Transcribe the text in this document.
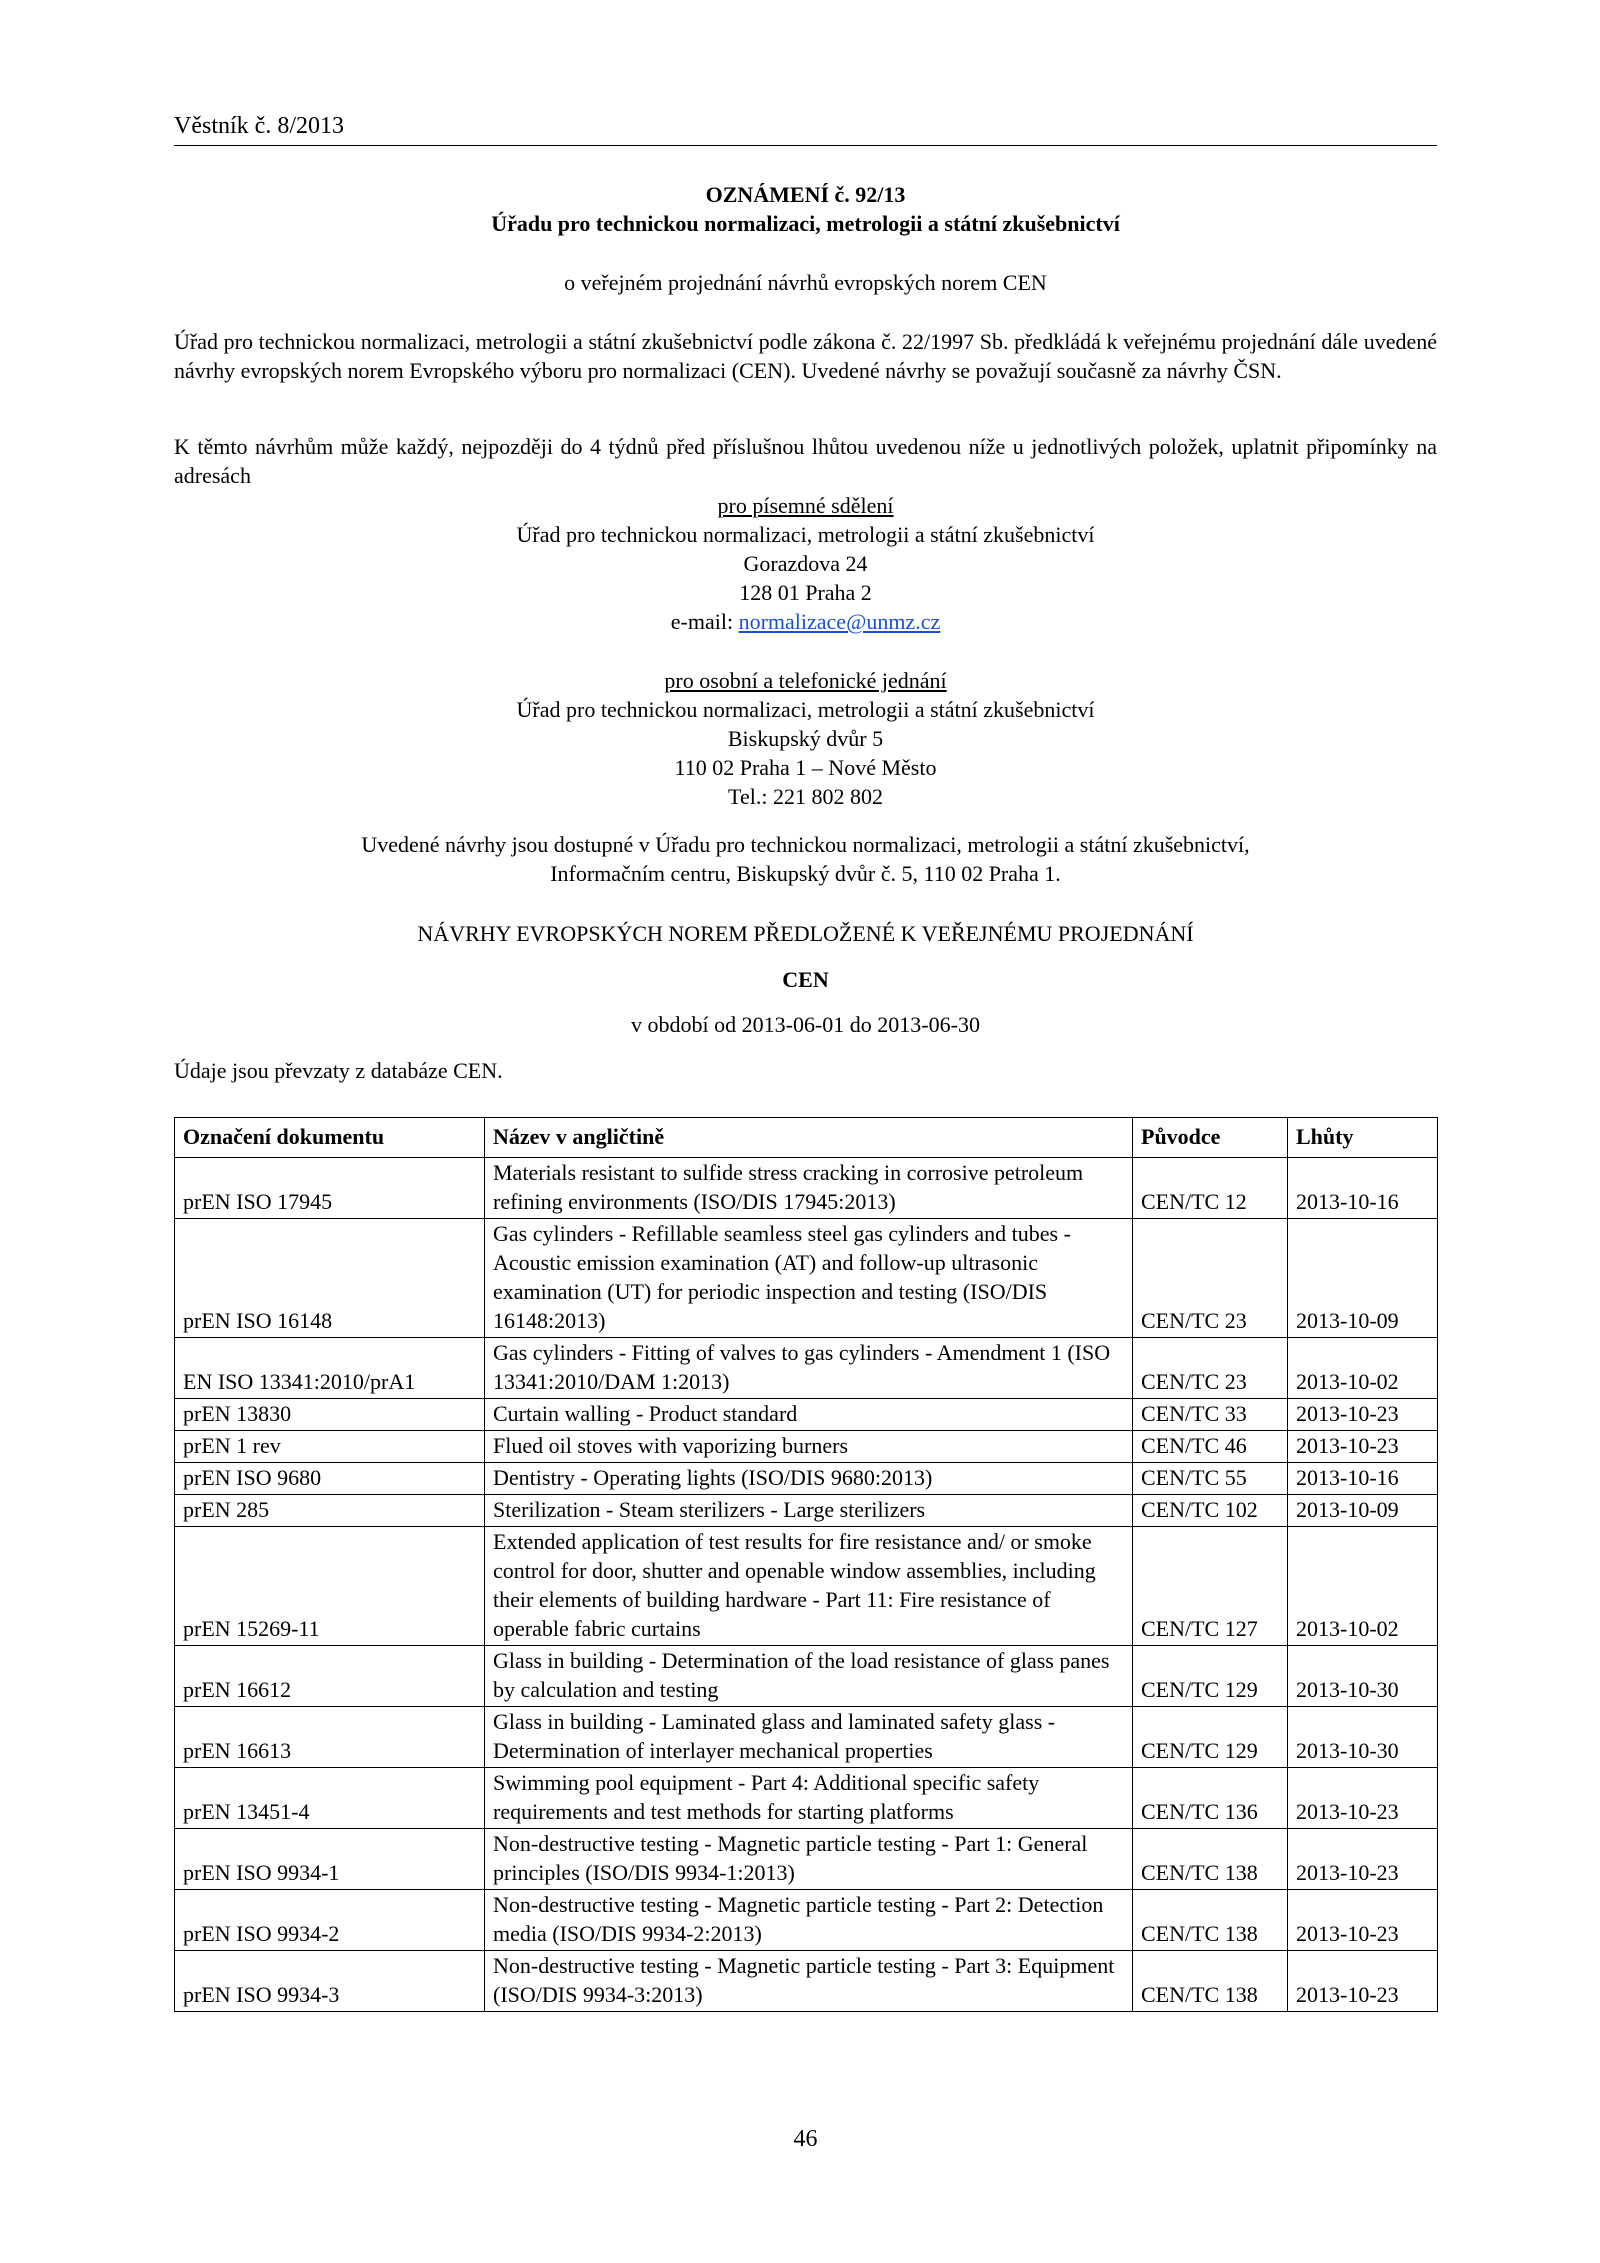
Věstník č. 8/2013
OZNÁMENÍ č. 92/13
Úřadu pro technickou normalizaci, metrologii a státní zkušebnictví
o veřejném projednání návrhů evropských norem CEN
Úřad pro technickou normalizaci, metrologii a státní zkušebnictví podle zákona č. 22/1997 Sb. předkládá k veřejnému projednání dále uvedené návrhy evropských norem Evropského výboru pro normalizaci (CEN). Uvedené návrhy se považují současně za návrhy ČSN.
K těmto návrhům může každý, nejpozději do 4 týdnů před příslušnou lhůtou uvedenou níže u jednotlivých položek, uplatnit připomínky na adresách
pro písemné sdělení
Úřad pro technickou normalizaci, metrologii a státní zkušebnictví
Gorazdova 24
128 01 Praha 2
e-mail: normalizace@unmz.cz
pro osobní a telefonické jednání
Úřad pro technickou normalizaci, metrologii a státní zkušebnictví
Biskupský dvůr 5
110 02 Praha 1 – Nové Město
Tel.: 221 802 802
Uvedené návrhy jsou dostupné v Úřadu pro technickou normalizaci, metrologii a státní zkušebnictví,
Informačním centru, Biskupský dvůr č. 5, 110 02 Praha 1.
NÁVRHY EVROPSKÝCH NOREM PŘEDLOŽENÉ K VEŘEJNÉMU PROJEDNÁNÍ
CEN
v období od 2013-06-01 do 2013-06-30
Údaje jsou převzaty z databáze CEN.
Označení dokumentu	Název v angličtině	Původce	Lhůty
prEN ISO 17945	Materials resistant to sulfide stress cracking in corrosive petroleum refining environments (ISO/DIS 17945:2013)	CEN/TC 12	2013-10-16
prEN ISO 16148	Gas cylinders - Refillable seamless steel gas cylinders and tubes - Acoustic emission examination (AT) and follow-up ultrasonic examination (UT) for periodic inspection and testing (ISO/DIS 16148:2013)	CEN/TC 23	2013-10-09
EN ISO 13341:2010/prA1	Gas cylinders - Fitting of valves to gas cylinders - Amendment 1 (ISO 13341:2010/DAM 1:2013)	CEN/TC 23	2013-10-02
prEN 13830	Curtain walling - Product standard	CEN/TC 33	2013-10-23
prEN 1 rev	Flued oil stoves with vaporizing burners	CEN/TC 46	2013-10-23
prEN ISO 9680	Dentistry - Operating lights (ISO/DIS 9680:2013)	CEN/TC 55	2013-10-16
prEN 285	Sterilization - Steam sterilizers - Large sterilizers	CEN/TC 102	2013-10-09
prEN 15269-11	Extended application of test results for fire resistance and/ or smoke control for door, shutter and openable window assemblies, including their elements of building hardware - Part 11: Fire resistance of operable fabric curtains	CEN/TC 127	2013-10-02
prEN 16612	Glass in building - Determination of the load resistance of glass panes by calculation and testing	CEN/TC 129	2013-10-30
prEN 16613	Glass in building - Laminated glass and laminated safety glass - Determination of interlayer mechanical properties	CEN/TC 129	2013-10-30
prEN 13451-4	Swimming pool equipment - Part 4: Additional specific safety requirements and test methods for starting platforms	CEN/TC 136	2013-10-23
prEN ISO 9934-1	Non-destructive testing - Magnetic particle testing - Part 1: General principles (ISO/DIS 9934-1:2013)	CEN/TC 138	2013-10-23
prEN ISO 9934-2	Non-destructive testing - Magnetic particle testing - Part 2: Detection media (ISO/DIS 9934-2:2013)	CEN/TC 138	2013-10-23
prEN ISO 9934-3	Non-destructive testing - Magnetic particle testing - Part 3: Equipment (ISO/DIS 9934-3:2013)	CEN/TC 138	2013-10-23
46
